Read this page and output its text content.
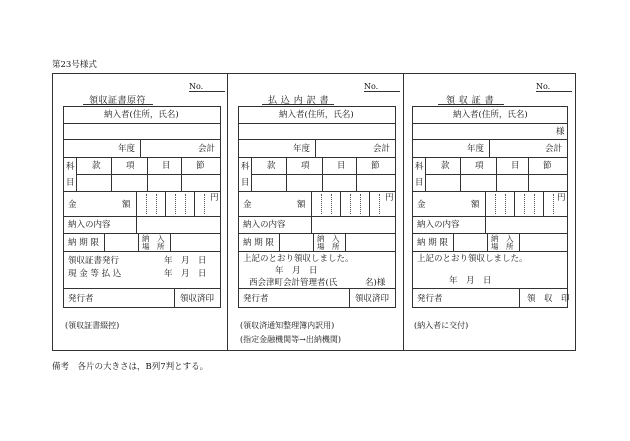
第23号様式
No.
領収証書原符
納入者(住所，氏名)
年度	会計
科
目
款	項	目	節
金	額
円
納入の内容
納 期 限	納　入
場　所
領収証書発行	年　月　日
現 金 等 払 込	年　月　日
発行者	領収済印
(領収証書綴控)
No.
払 込 内 訳 書
納入者(住所，氏名)
年度	会計
科
目
款	項	目	節
金	額
円
納入の内容
納 期 限	納　入
場　所
上記のとおり領収しました。
年　月　日
西会津町会計管理者(氏	名)様
発行者	領収済印
(領収済通知整理簿内訳用)
(指定金融機関等→出納機関)
No.
領 収 証 書
納入者(住所，氏名)
様
年度	会計
科
目
款	項	目	節
金	額
円
納入の内容
納 期 限	納　入
場　所
上記のとおり領収しました。
年　月　日
発行者	領　収　印
(納入者に交付)
備考　各片の大きさは，B列7判とする。
